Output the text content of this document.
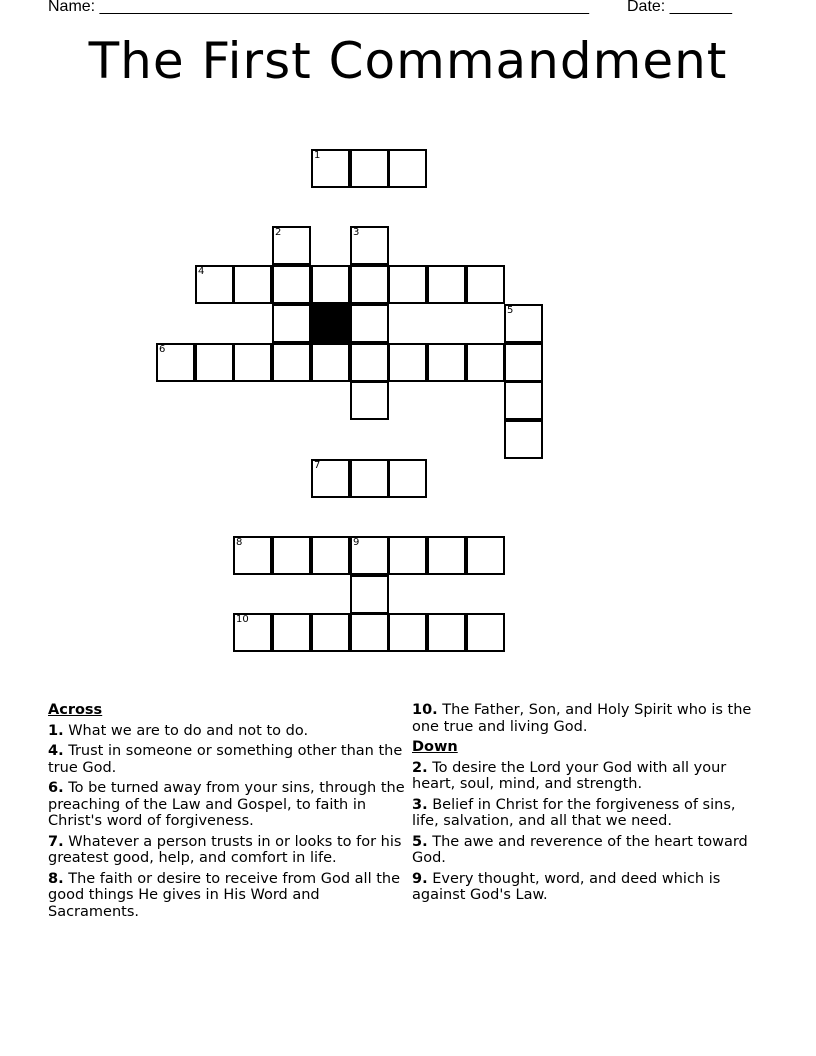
Name: _______________________________________________________ Date: _______
The First Commandment
1
2	3
4
5
6
7
8	9
10
Across
1. What we are to do and not to do.
4. Trust in someone or something other than the true God.
6. To be turned away from your sins, through the preaching of the Law and Gospel, to faith in Christ's word of forgiveness.
7. Whatever a person trusts in or looks to for his greatest good, help, and comfort in life.
8. The faith or desire to receive from God all the good things He gives in His Word and Sacraments.
10. The Father, Son, and Holy Spirit who is the one true and living God.
Down
2. To desire the Lord your God with all your heart, soul, mind, and strength.
3. Belief in Christ for the forgiveness of sins, life, salvation, and all that we need.
5. The awe and reverence of the heart toward God.
9. Every thought, word, and deed which is against God's Law.
